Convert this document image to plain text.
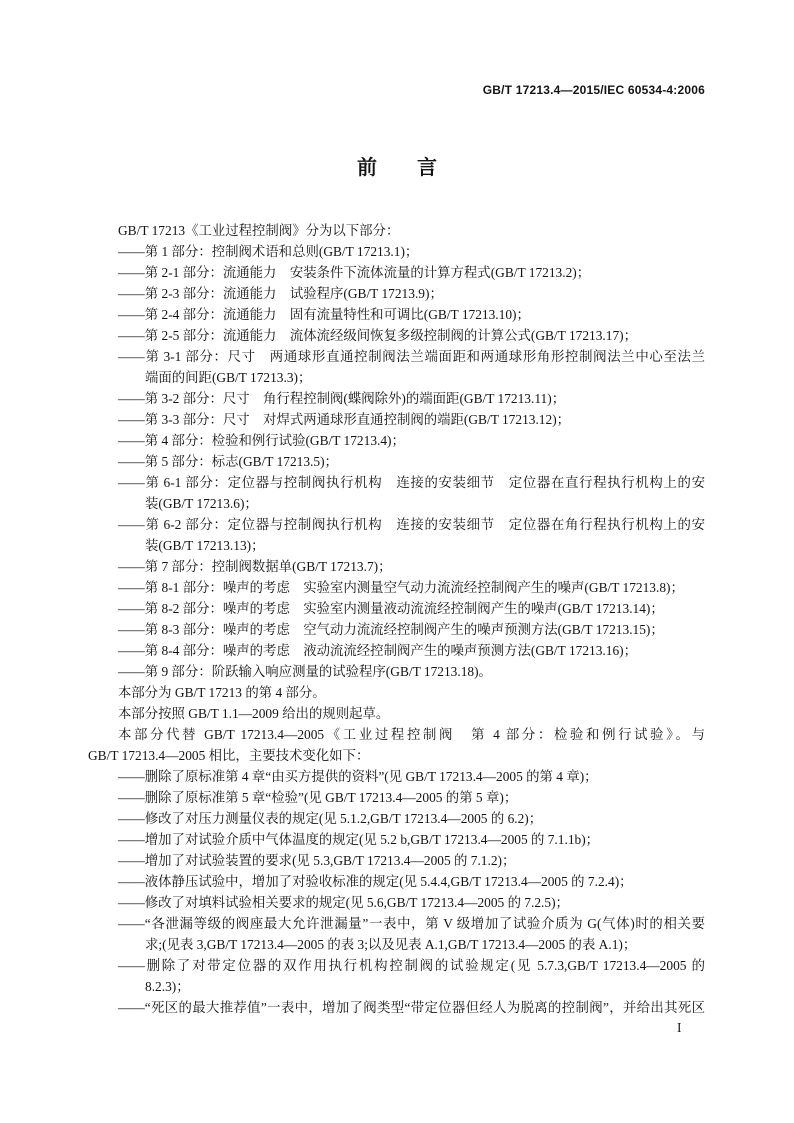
GB/T 17213.4—2015/IEC 60534-4:2006
前　言
GB/T 17213《工业过程控制阀》分为以下部分：
——第 1 部分：控制阀术语和总则(GB/T 17213.1)；
——第 2-1 部分：流通能力　安装条件下流体流量的计算方程式(GB/T 17213.2)；
——第 2-3 部分：流通能力　试验程序(GB/T 17213.9)；
——第 2-4 部分：流通能力　固有流量特性和可调比(GB/T 17213.10)；
——第 2-5 部分：流通能力　流体流经级间恢复多级控制阀的计算公式(GB/T 17213.17)；
——第 3-1 部分：尺寸　两通球形直通控制阀法兰端面距和两通球形角形控制阀法兰中心至法兰
端面的间距(GB/T 17213.3)；
——第 3-2 部分：尺寸　角行程控制阀(蝶阀除外)的端面距(GB/T 17213.11)；
——第 3-3 部分：尺寸　对焊式两通球形直通控制阀的端距(GB/T 17213.12)；
——第 4 部分：检验和例行试验(GB/T 17213.4)；
——第 5 部分：标志(GB/T 17213.5)；
——第 6-1 部分：定位器与控制阀执行机构　连接的安装细节　定位器在直行程执行机构上的安
装(GB/T 17213.6)；
——第 6-2 部分：定位器与控制阀执行机构　连接的安装细节　定位器在角行程执行机构上的安
装(GB/T 17213.13)；
——第 7 部分：控制阀数据单(GB/T 17213.7)；
——第 8-1 部分：噪声的考虑　实验室内测量空气动力流流经控制阀产生的噪声(GB/T 17213.8)；
——第 8-2 部分：噪声的考虑　实验室内测量液动流流经控制阀产生的噪声(GB/T 17213.14)；
——第 8-3 部分：噪声的考虑　空气动力流流经控制阀产生的噪声预测方法(GB/T 17213.15)；
——第 8-4 部分：噪声的考虑　液动流流经控制阀产生的噪声预测方法(GB/T 17213.16)；
——第 9 部分：阶跃输入响应测量的试验程序(GB/T 17213.18)。
本部分为 GB/T 17213 的第 4 部分。
本部分按照 GB/T 1.1—2009 给出的规则起草。
本部分代替 GB/T 17213.4—2005《工业过程控制阀　第 4 部分：检验和例行试验》。与
GB/T 17213.4—2005 相比，主要技术变化如下：
——删除了原标准第 4 章“由买方提供的资料”(见 GB/T 17213.4—2005 的第 4 章)；
——删除了原标准第 5 章“检验”(见 GB/T 17213.4—2005 的第 5 章)；
——修改了对压力测量仪表的规定(见 5.1.2,GB/T 17213.4—2005 的 6.2)；
——增加了对试验介质中气体温度的规定(见 5.2 b,GB/T 17213.4—2005 的 7.1.1b)；
——增加了对试验装置的要求(见 5.3,GB/T 17213.4—2005 的 7.1.2)；
——液体静压试验中，增加了对验收标准的规定(见 5.4.4,GB/T 17213.4—2005 的 7.2.4)；
——修改了对填料试验相关要求的规定(见 5.6,GB/T 17213.4—2005 的 7.2.5)；
——“各泄漏等级的阀座最大允许泄漏量”一表中，第 V 级增加了试验介质为 G(气体)时的相关要
求;(见表 3,GB/T 17213.4—2005 的表 3;以及见表 A.1,GB/T 17213.4—2005 的表 A.1)；
——删除了对带定位器的双作用执行机构控制阀的试验规定(见 5.7.3,GB/T 17213.4—2005 的
8.2.3)；
——“死区的最大推荐值”一表中，增加了阀类型“带定位器但经人为脱离的控制阀”，并给出其死区
I
